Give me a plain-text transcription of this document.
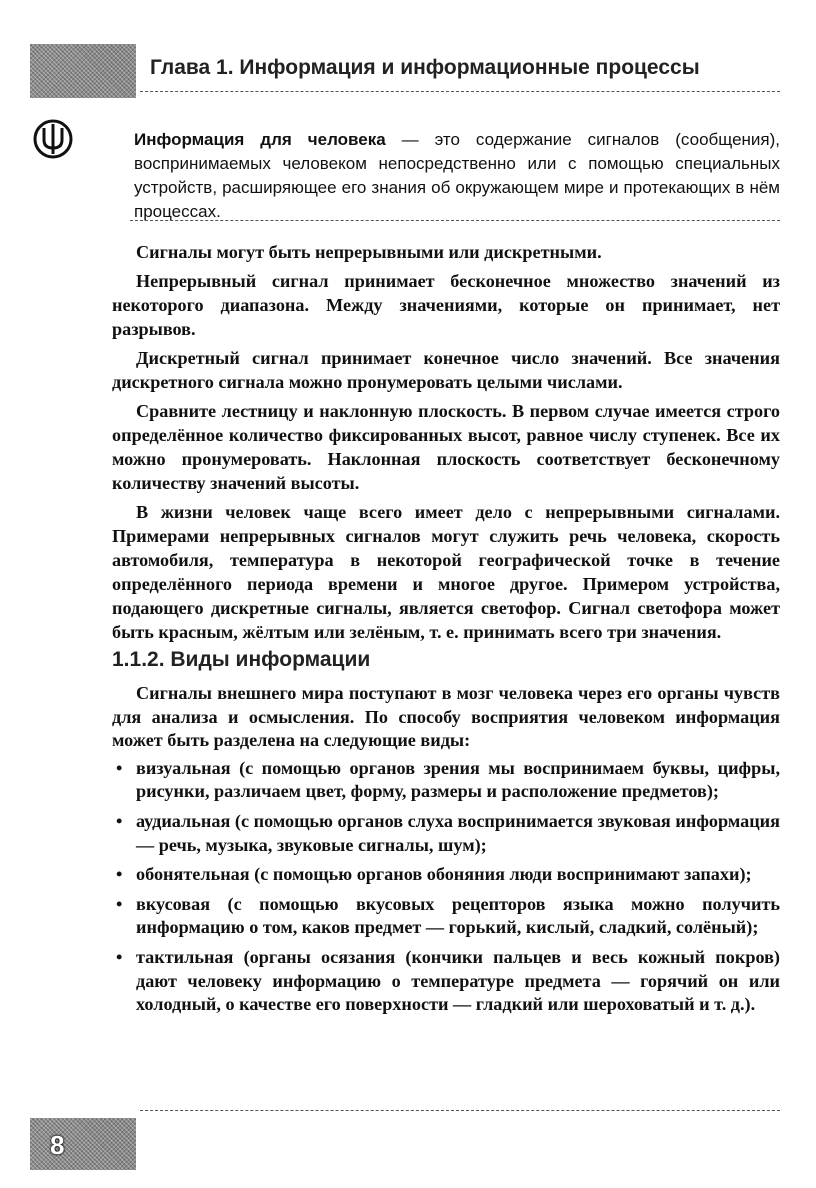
Глава 1. Информация и информационные процессы
Информация для человека — это содержание сигналов (сообщения), воспринимаемых человеком непосредственно или с помощью специальных устройств, расширяющее его знания об окружающем мире и протекающих в нём процессах.

Сигналы могут быть непрерывными или дискретными.

Непрерывный сигнал принимает бесконечное множество значений из некоторого диапазона. Между значениями, которые он принимает, нет разрывов.

Дискретный сигнал принимает конечное число значений. Все значения дискретного сигнала можно пронумеровать целыми числами.

Сравните лестницу и наклонную плоскость. В первом случае имеется строго определённое количество фиксированных высот, равное числу ступенек. Все их можно пронумеровать. Наклонная плоскость соответствует бесконечному количеству значений высоты.

В жизни человек чаще всего имеет дело с непрерывными сигналами. Примерами непрерывных сигналов могут служить речь человека, скорость автомобиля, температура в некоторой географической точке в течение определённого периода времени и многое другое. Примером устройства, подающего дискретные сигналы, является светофор. Сигнал светофора может быть красным, жёлтым или зелёным, т. е. принимать всего три значения.

1.1.2. Виды информации

Сигналы внешнего мира поступают в мозг человека через его органы чувств для анализа и осмысления. По способу восприятия человеком информация может быть разделена на следующие виды:

• визуальная (с помощью органов зрения мы воспринимаем буквы, цифры, рисунки, различаем цвет, форму, размеры и расположение предметов);
• аудиальная (с помощью органов слуха воспринимается звуковая информация — речь, музыка, звуковые сигналы, шум);
• обонятельная (с помощью органов обоняния люди воспринимают запахи);
• вкусовая (с помощью вкусовых рецепторов языка можно получить информацию о том, каков предмет — горький, кислый, сладкий, солёный);
• тактильная (органы осязания (кончики пальцев и весь кожный покров) дают человеку информацию о температуре предмета — горячий он или холодный, о качестве его поверхности — гладкий или шероховатый и т. д.).
8
